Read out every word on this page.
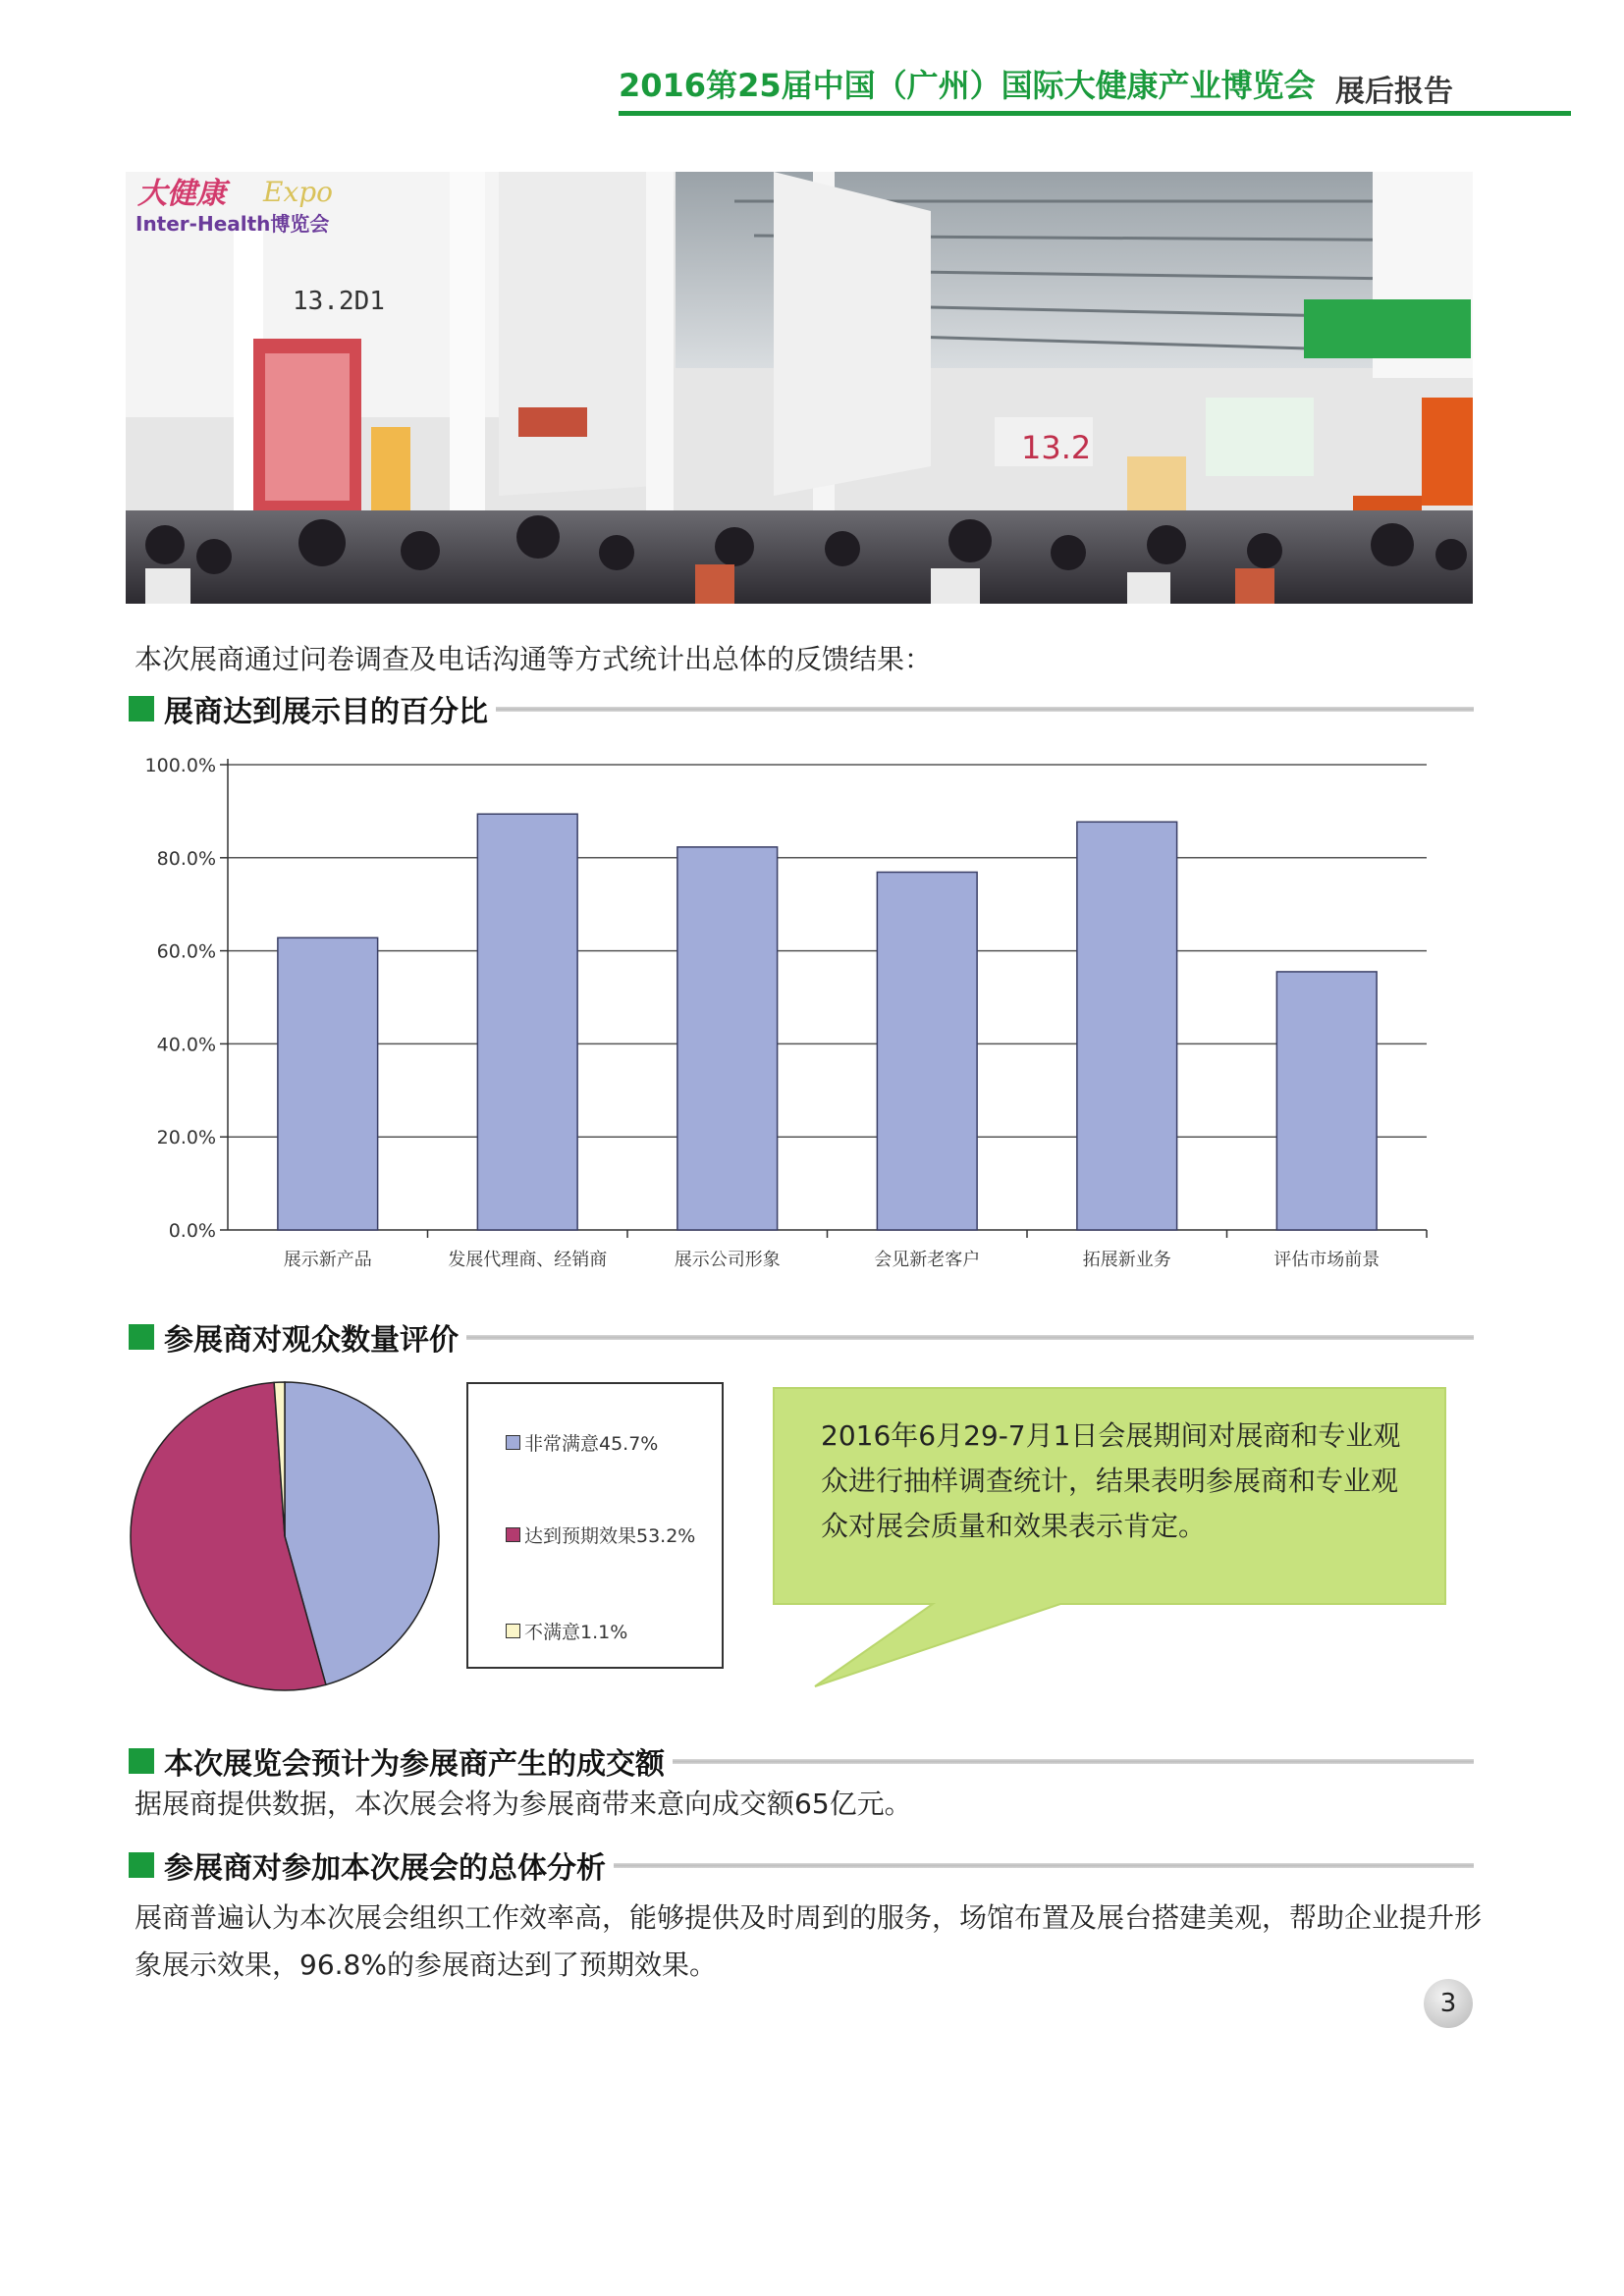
2016第25届中国（广州）国际大健康产业博览会 展后报告
大健康 Expo
Inter-Health博览会
13.2D1
13.2
本次展商通过问卷调查及电话沟通等方式统计出总体的反馈结果：
展商达到展示目的百分比
0.0%
20.0%
40.0%
60.0%
80.0%
100.0%
展示新产品	发展代理商、经销商	展示公司形象	会见新老客户	拓展新业务	评估市场前景
参展商对观众数量评价
非常满意45.7%
达到预期效果53.2%
不满意1.1%
2016年6月29-7月1日会展期间对展商和专业观
众进行抽样调查统计，结果表明参展商和专业观
众对展会质量和效果表示肯定。
本次展览会预计为参展商产生的成交额
据展商提供数据，本次展会将为参展商带来意向成交额65亿元。
参展商对参加本次展会的总体分析
展商普遍认为本次展会组织工作效率高，能够提供及时周到的服务，场馆布置及展台搭建美观，帮助企业提升形象展示效果，96.8%的参展商达到了预期效果。
3
